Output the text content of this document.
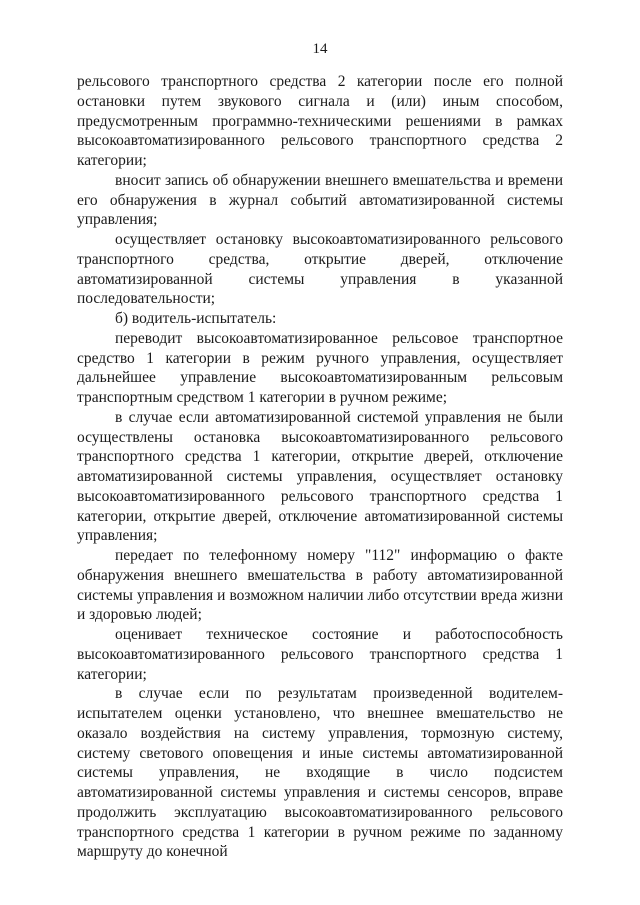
14

рельсового транспортного средства 2 категории после его полной остановки путем звукового сигнала и (или) иным способом, предусмотренным программно-техническими решениями в рамках высокоавтоматизированного рельсового транспортного средства 2 категории;

вносит запись об обнаружении внешнего вмешательства и времени его обнаружения в журнал событий автоматизированной системы управления;

осуществляет остановку высокоавтоматизированного рельсового транспортного средства, открытие дверей, отключение автоматизированной системы управления в указанной последовательности;

б) водитель-испытатель:

переводит высокоавтоматизированное рельсовое транспортное средство 1 категории в режим ручного управления, осуществляет дальнейшее управление высокоавтоматизированным рельсовым транспортным средством 1 категории в ручном режиме;

в случае если автоматизированной системой управления не были осуществлены остановка высокоавтоматизированного рельсового транспортного средства 1 категории, открытие дверей, отключение автоматизированной системы управления, осуществляет остановку высокоавтоматизированного рельсового транспортного средства 1 категории, открытие дверей, отключение автоматизированной системы управления;

передает по телефонному номеру "112" информацию о факте обнаружения внешнего вмешательства в работу автоматизированной системы управления и возможном наличии либо отсутствии вреда жизни и здоровью людей;

оценивает техническое состояние и работоспособность высокоавтоматизированного рельсового транспортного средства 1 категории;

в случае если по результатам произведенной водителем-испытателем оценки установлено, что внешнее вмешательство не оказало воздействия на систему управления, тормозную систему, систему светового оповещения и иные системы автоматизированной системы управления, не входящие в число подсистем автоматизированной системы управления и системы сенсоров, вправе продолжить эксплуатацию высокоавтоматизированного рельсового транспортного средства 1 категории в ручном режиме по заданному маршруту до конечной
